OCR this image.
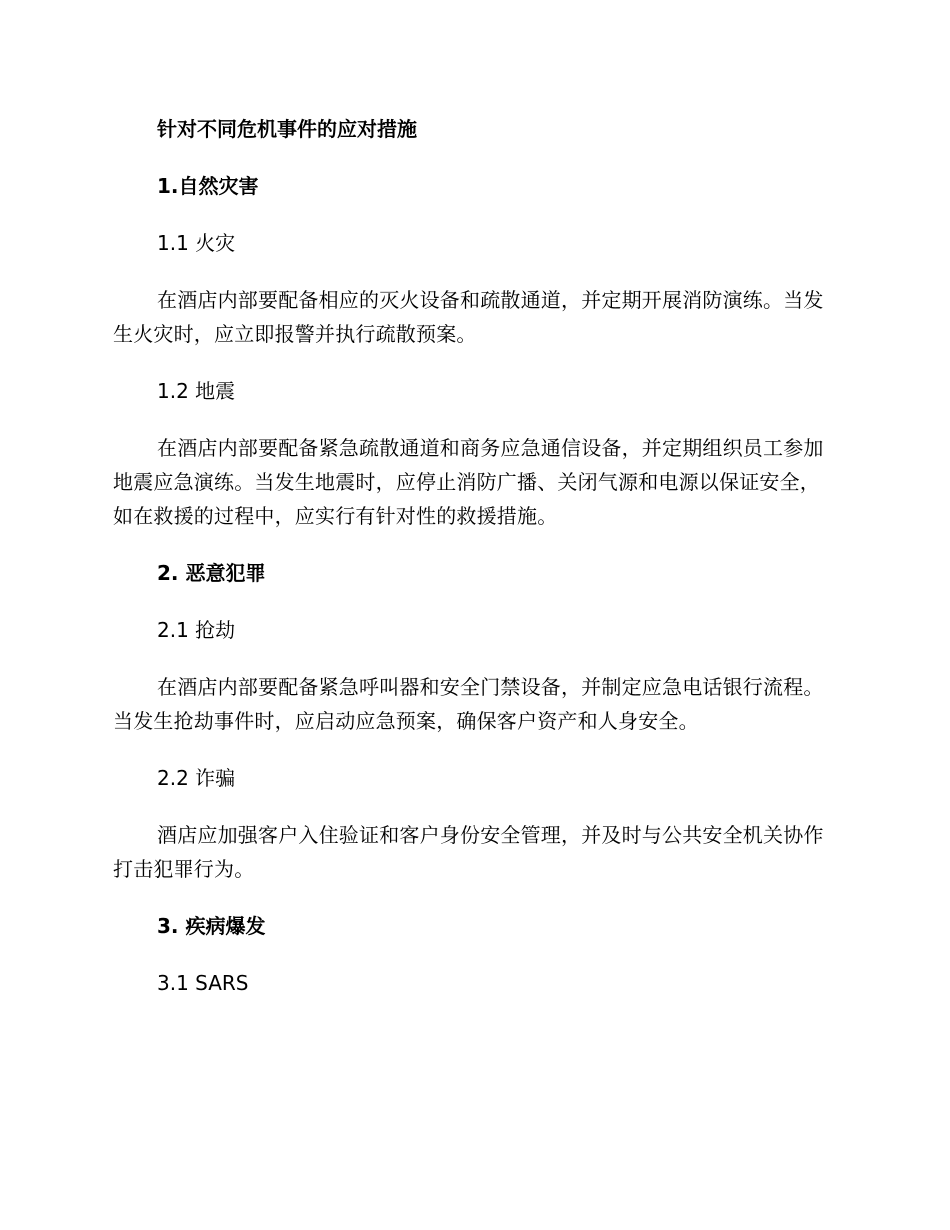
针对不同危机事件的应对措施
1.自然灾害
1.1 火灾
在酒店内部要配备相应的灭火设备和疏散通道，并定期开展消防演练。当发生火灾时，应立即报警并执行疏散预案。
1.2 地震
在酒店内部要配备紧急疏散通道和商务应急通信设备，并定期组织员工参加地震应急演练。当发生地震时，应停止消防广播、关闭气源和电源以保证安全，如在救援的过程中，应实行有针对性的救援措施。
2. 恶意犯罪
2.1 抢劫
在酒店内部要配备紧急呼叫器和安全门禁设备，并制定应急电话银行流程。当发生抢劫事件时，应启动应急预案，确保客户资产和人身安全。
2.2 诈骗
酒店应加强客户入住验证和客户身份安全管理，并及时与公共安全机关协作打击犯罪行为。
3. 疾病爆发
3.1 SARS
